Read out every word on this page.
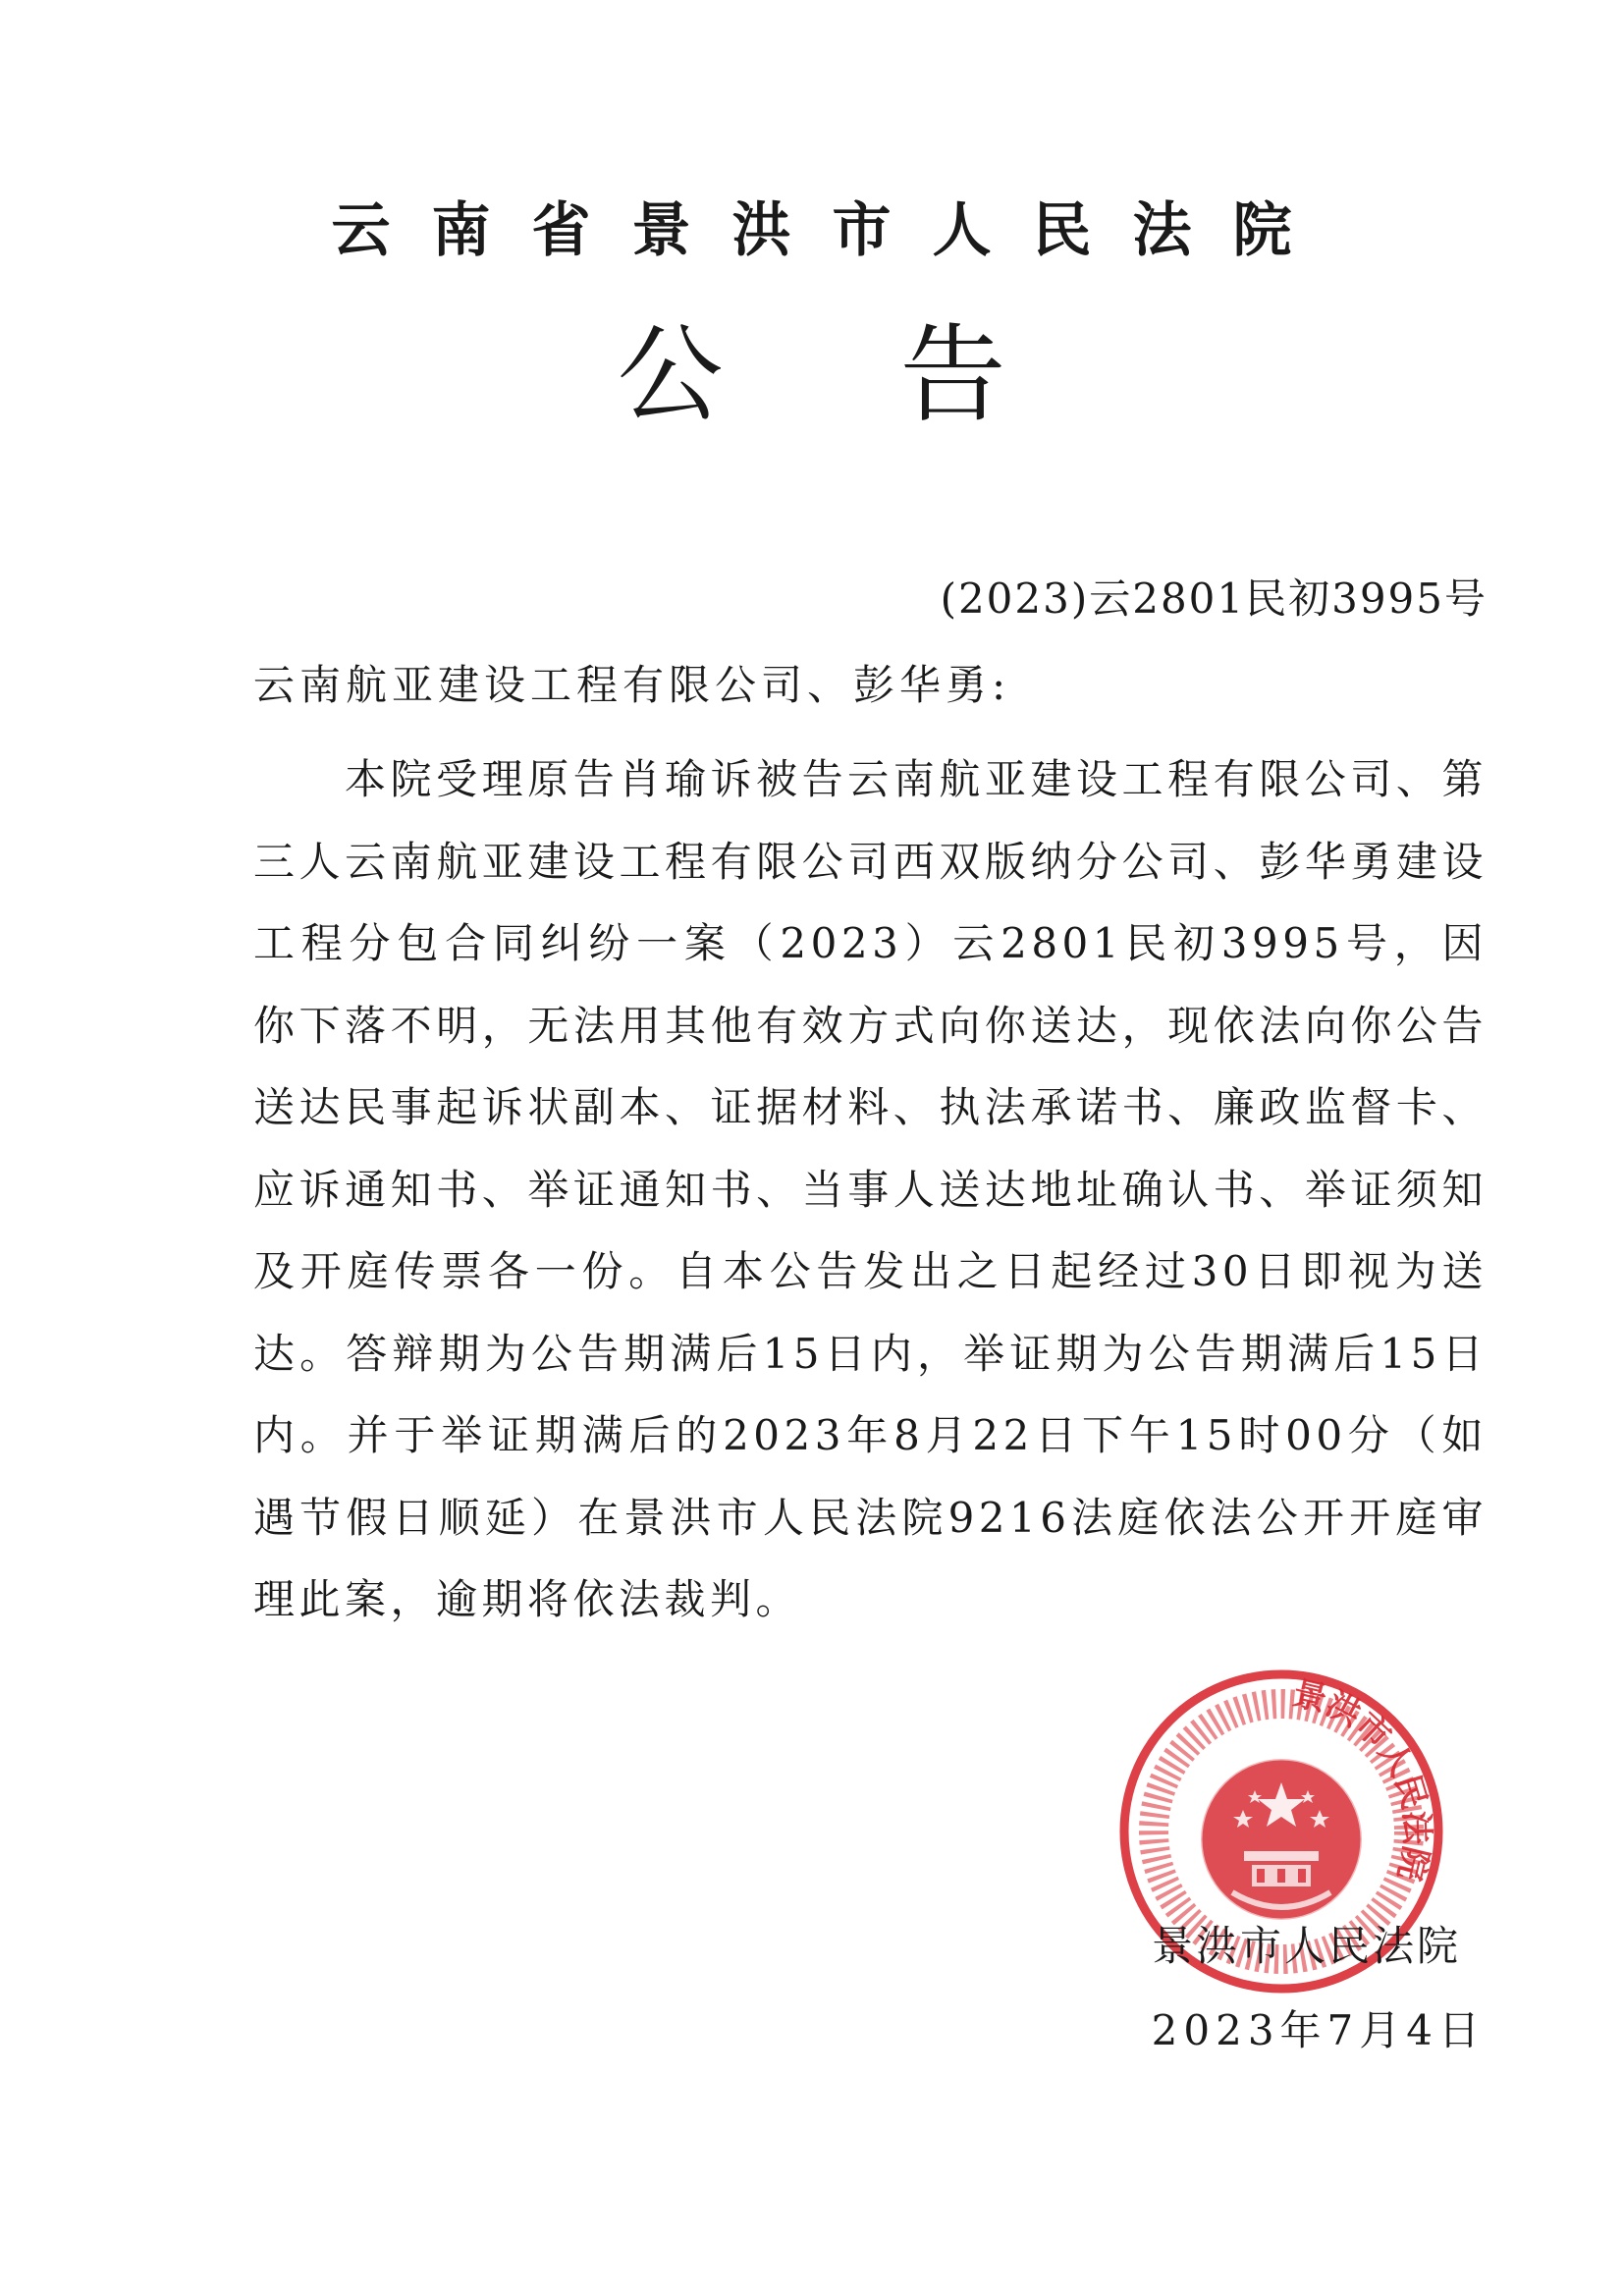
云南省景洪市人民法院
公告
(2023)云2801民初3995号
云南航亚建设工程有限公司、彭华勇:

本院受理原告肖瑜诉被告云南航亚建设工程有限公司、第三人云南航亚建设工程有限公司西双版纳分公司、彭华勇建设工程分包合同纠纷一案（2023）云2801民初3995号，因你下落不明，无法用其他有效方式向你送达，现依法向你公告送达民事起诉状副本、证据材料、执法承诺书、廉政监督卡、应诉通知书、举证通知书、当事人送达地址确认书、举证须知及开庭传票各一份。自本公告发出之日起经过30日即视为送达。答辩期为公告期满后15日内，举证期为公告期满后15日内。并于举证期满后的2023年8月22日下午15时00分（如遇节假日顺延）在景洪市人民法院9216法庭依法公开开庭审理此案，逾期将依法裁判。

景洪市人民法院
景洪市人民法院
2023年7月4日
